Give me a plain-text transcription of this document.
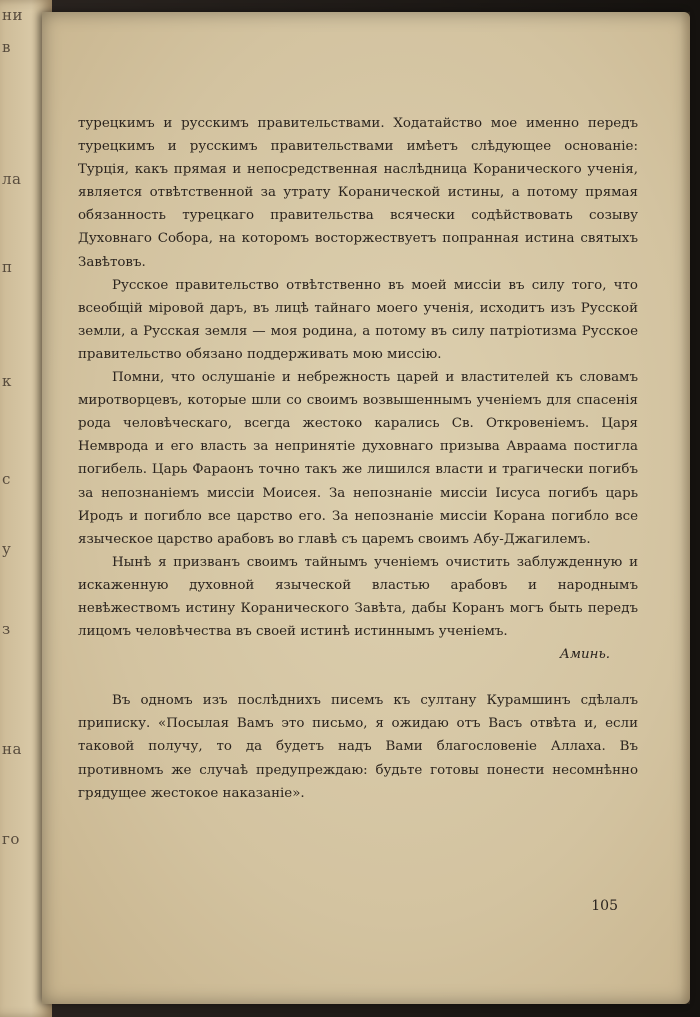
ни
в
ла
п
к
с
у
з
на
го

турецкимъ и русскимъ правительствами. Ходатайство мое именно передъ турецкимъ и русскимъ правительствами имѣетъ слѣдующее основаніе: Турція, какъ прямая и непосредственная наслѣдница Коранического ученія, является отвѣтственной за утрату Коранической истины, а потому прямая обязанность турецкаго правительства всячески содѣйствовать созыву Духовнаго Собора, на которомъ восторжествуетъ попранная истина святыхъ Завѣтовъ.

Русское правительство отвѣтственно въ моей миссіи въ силу того, что всеобщій міровой даръ, въ лицѣ тайнаго моего ученія, исходитъ изъ Русской земли, а Русская земля — моя родина, а потому въ силу патріотизма Русское правительство обязано поддерживать мою миссію.

Помни, что ослушаніе и небрежность царей и властителей къ словамъ миротворцевъ, которые шли со своимъ возвышеннымъ ученіемъ для спасенія рода человѣческаго, всегда жестоко карались Св. Откровеніемъ. Царя Немврода и его власть за непринятіе духовнаго призыва Авраама постигла погибель. Царь Фараонъ точно такъ же лишился власти и трагически погибъ за непознаніемъ миссіи Моисея. За непознаніе миссіи Іисуса погибъ царь Иродъ и погибло все царство его. За непознаніе миссіи Корана погибло все языческое царство арабовъ во главѣ съ царемъ своимъ Абу-Джагилемъ.

Нынѣ я призванъ своимъ тайнымъ ученіемъ очистить заблужденную и искаженную духовной языческой властью арабовъ и народнымъ невѣжествомъ истину Коранического Завѣта, дабы Коранъ могъ быть передъ лицомъ человѣчества въ своей истинѣ истиннымъ ученіемъ.

Аминь.

Въ одномъ изъ послѣднихъ писемъ къ султану Курамшинъ сдѣлалъ приписку. «Посылая Вамъ это письмо, я ожидаю отъ Васъ отвѣта и, если таковой получу, то да будетъ надъ Вами благословеніе Аллаха. Въ противномъ же случаѣ предупреждаю: будьте готовы понести несомнѣнно грядущее жестокое наказаніе».

105
